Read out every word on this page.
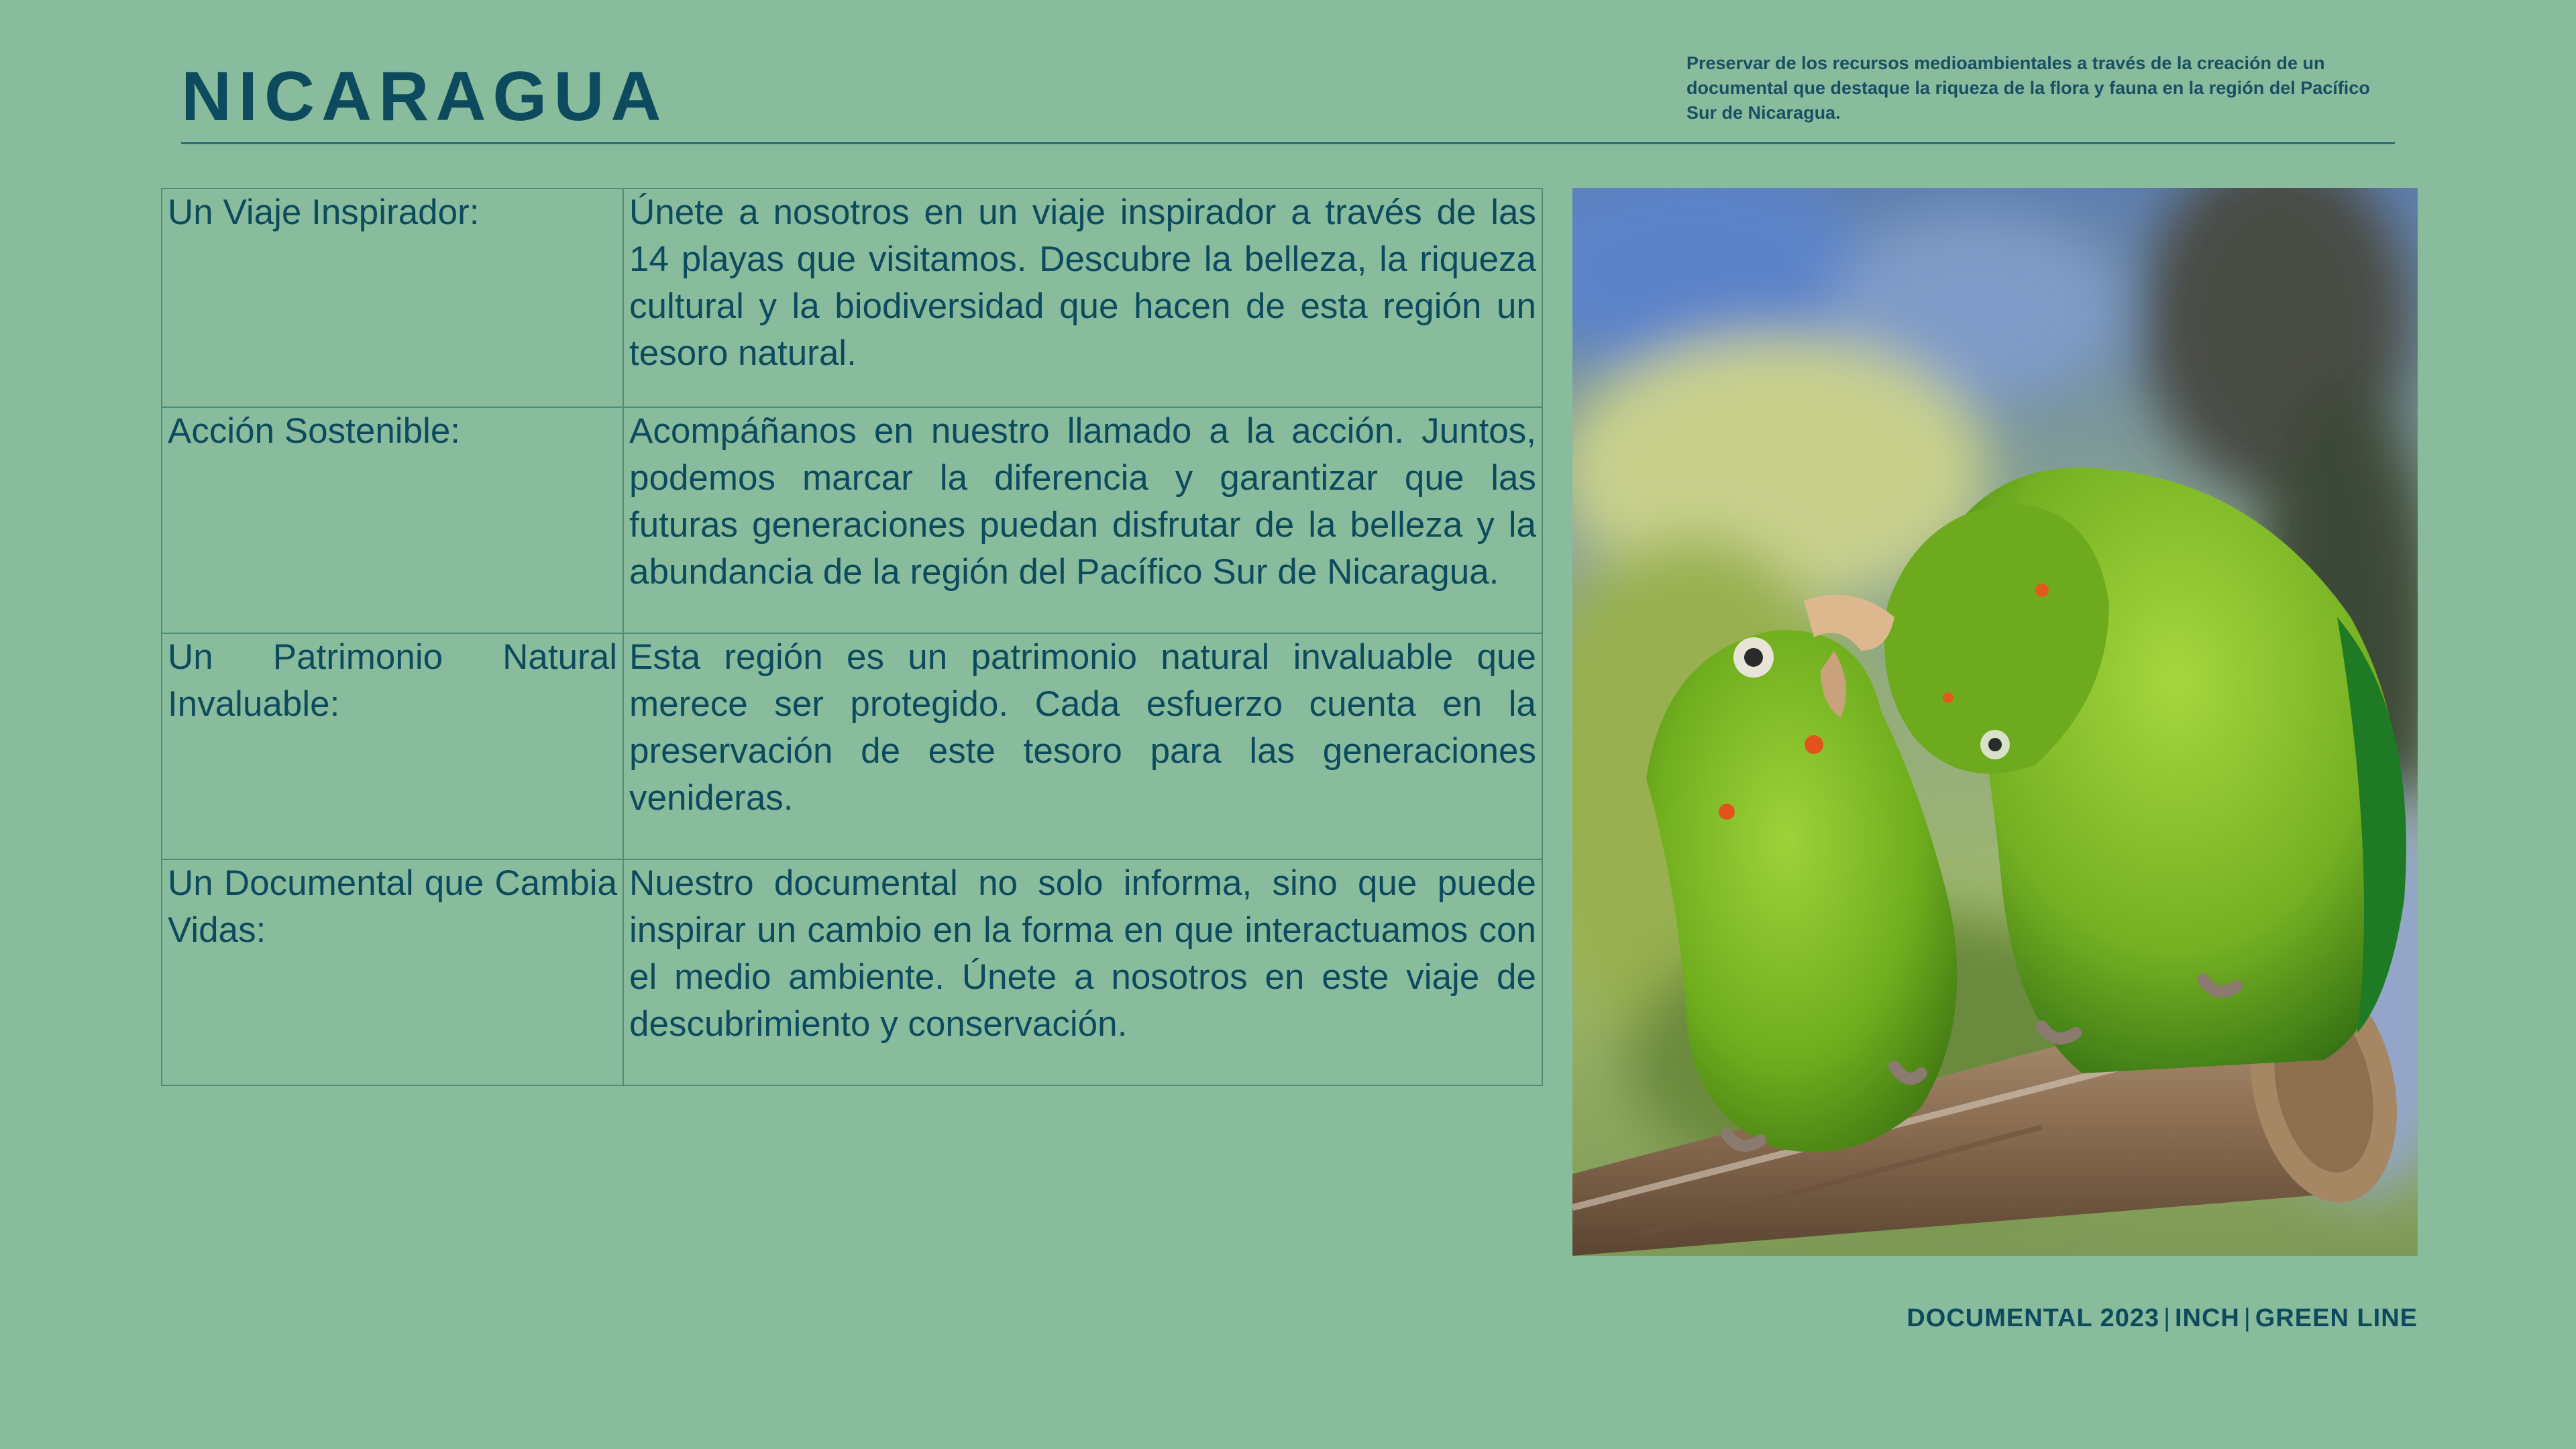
NICARAGUA	Preservar de los recursos medioambientales a través de la creación de un documental que destaque la riqueza de la flora y fauna en la región del Pacífico Sur de Nicaragua.
Un Viaje Inspirador:	Únete a nosotros en un viaje inspirador a través de las 14 playas que visitamos. Descubre la belleza, la riqueza cultural y la biodiversidad que hacen de esta región un tesoro natural.
Acción Sostenible:	Acompáñanos en nuestro llamado a la acción. Juntos, podemos marcar la diferencia y garantizar que las futuras generaciones puedan disfrutar de la belleza y la abundancia de la región del Pacífico Sur de Nicaragua.
Un Patrimonio Natural Invaluable:	Esta región es un patrimonio natural invaluable que merece ser protegido. Cada esfuerzo cuenta en la preservación de este tesoro para las generaciones venideras.
Un Documental que Cambia Vidas:	Nuestro documental no solo informa, sino que puede inspirar un cambio en la forma en que interactuamos con el medio ambiente. Únete a nosotros en este viaje de descubrimiento y conservación.
DOCUMENTAL 2023 | INCH | GREEN LINE
